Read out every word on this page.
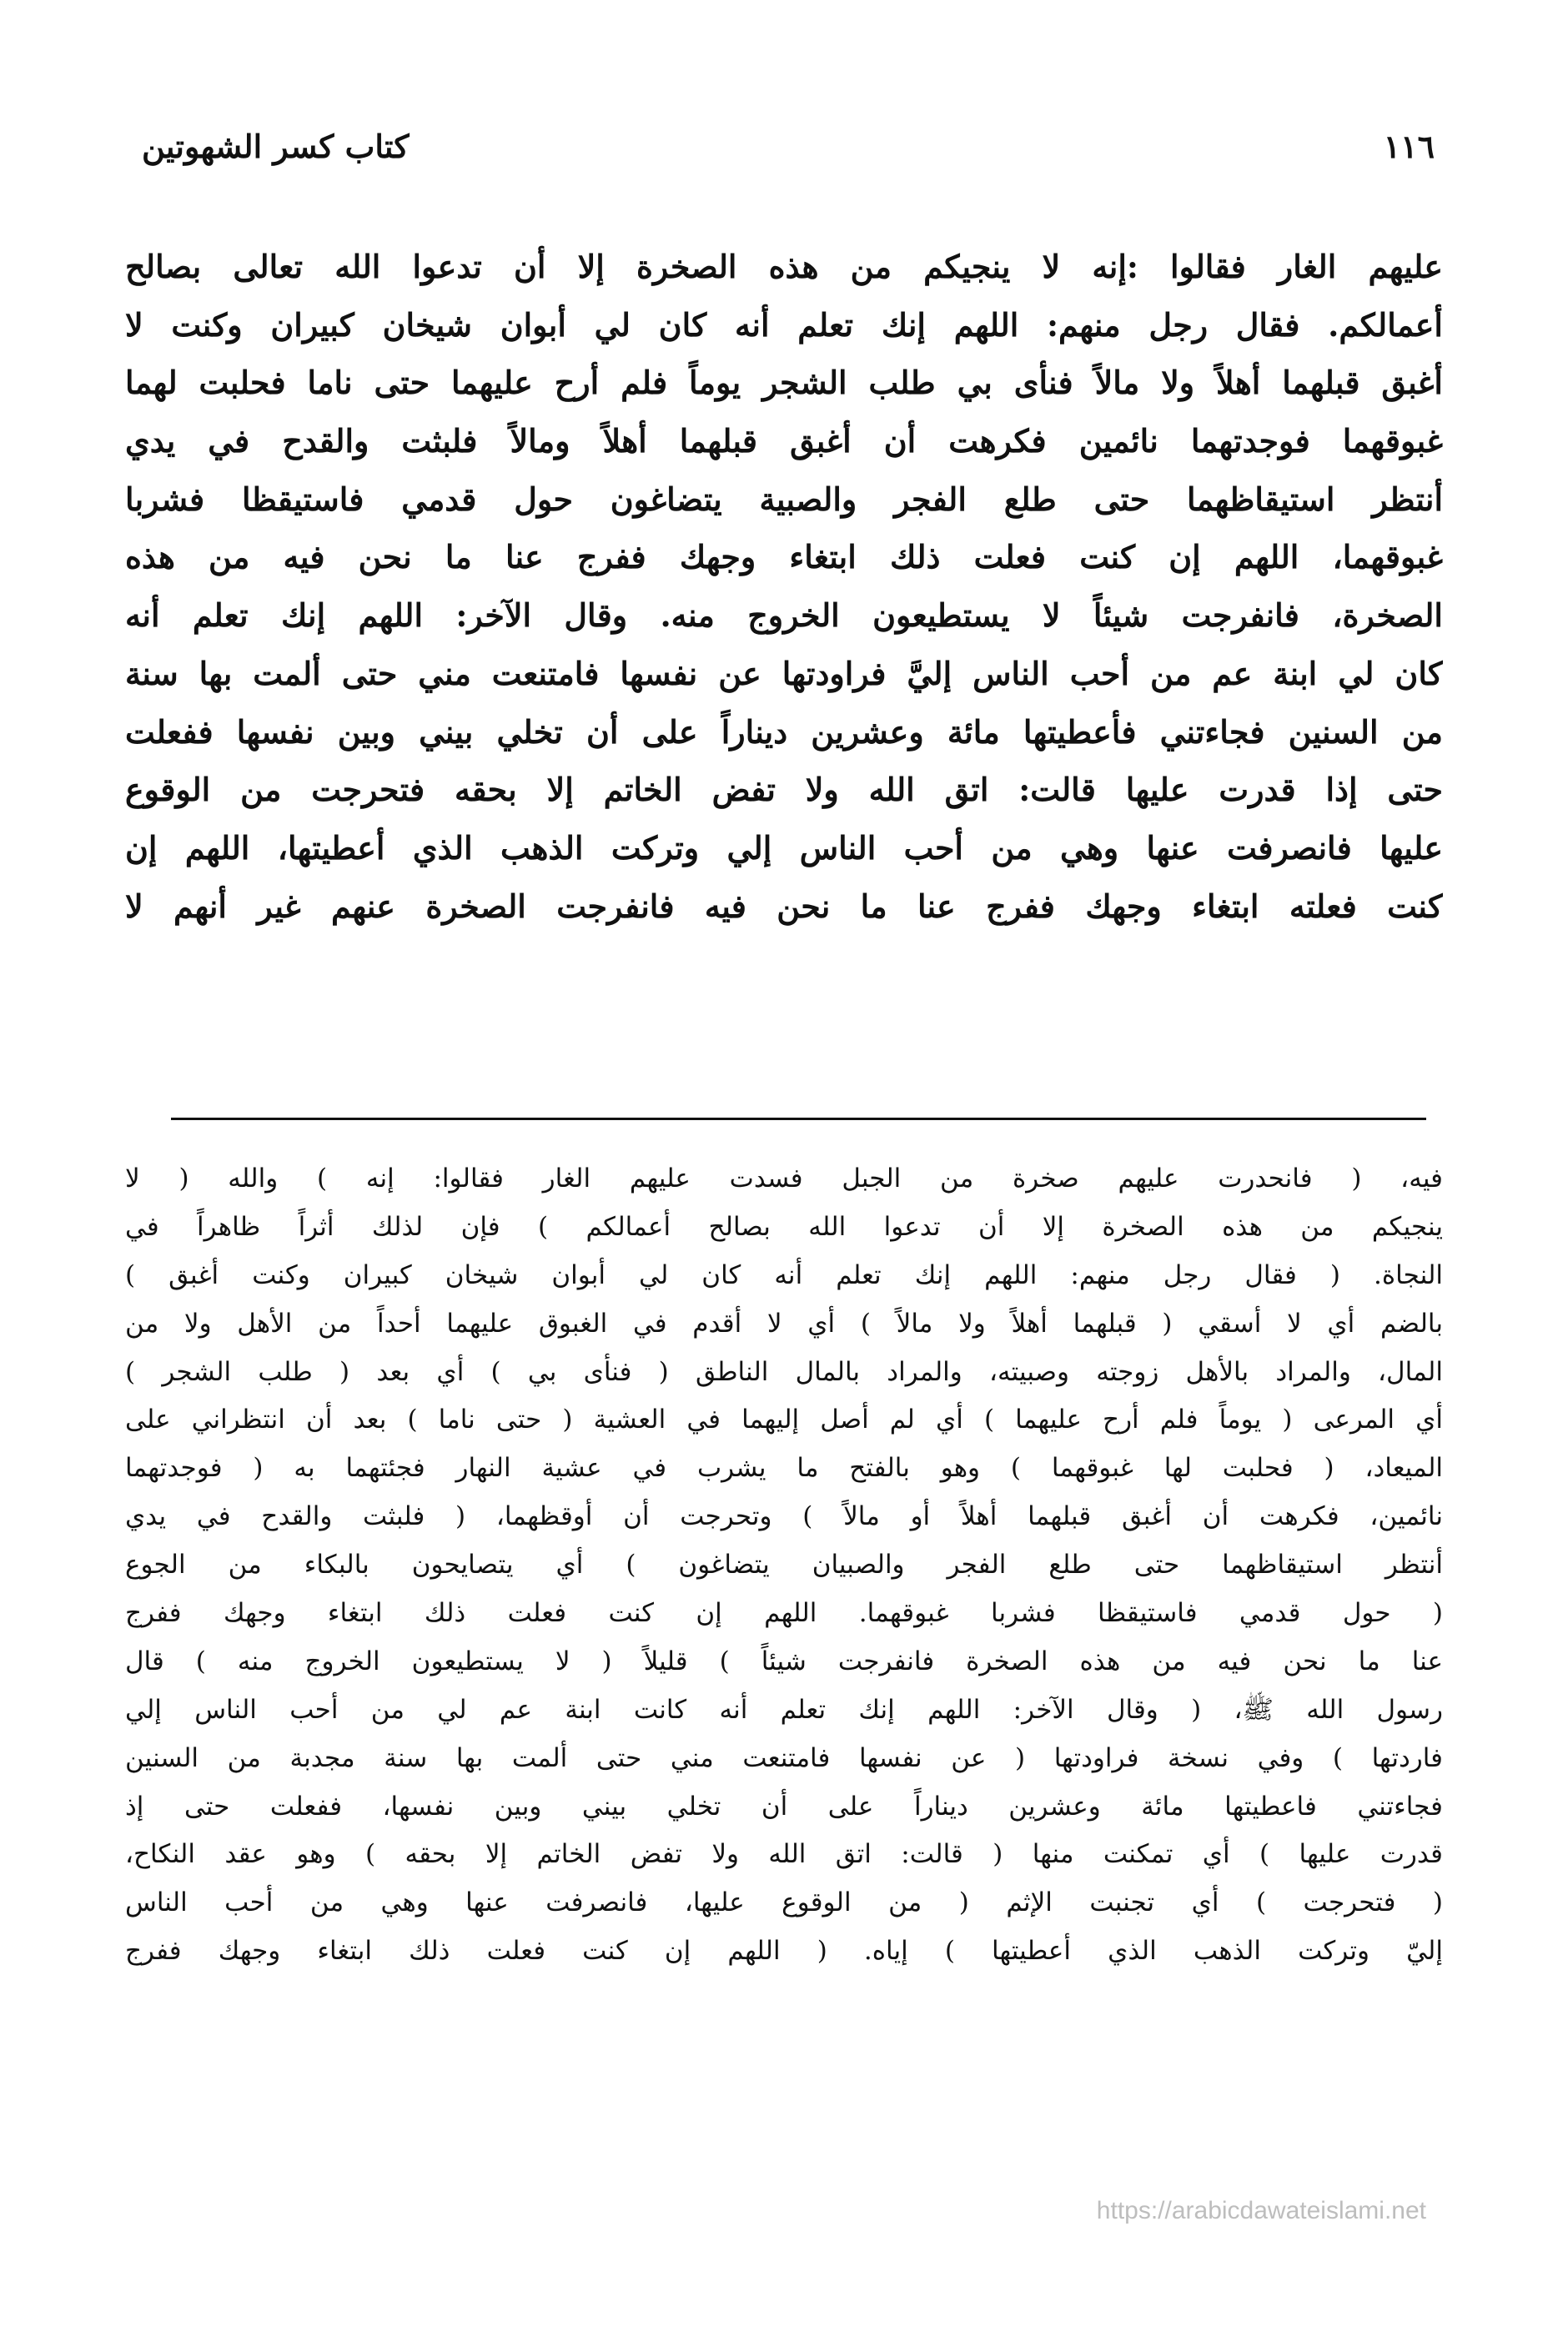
١١٦
كتاب كسر الشهوتين
عليهم الغار فقالوا :إنه لا ينجيكم من هذه الصخرة إلا أن تدعوا الله تعالى بصالح
أعمالكم. فقال رجل منهم: اللهم إنك تعلم أنه كان لي أبوان شيخان كبيران وكنت لا
أغبق قبلهما أهلاً ولا مالاً فنأى بي طلب الشجر يوماً فلم أرح عليهما حتى ناما فحلبت لهما
غبوقهما فوجدتهما نائمين فكرهت أن أغبق قبلهما أهلاً ومالاً فلبثت والقدح في يدي
أنتظر استيقاظهما حتى طلع الفجر والصبية يتضاغون حول قدمي فاستيقظا فشربا
غبوقهما، اللهم إن كنت فعلت ذلك ابتغاء وجهك ففرج عنا ما نحن فيه من هذه
الصخرة، فانفرجت شيئاً لا يستطيعون الخروج منه. وقال الآخر: اللهم إنك تعلم أنه
كان لي ابنة عم من أحب الناس إليَّ فراودتها عن نفسها فامتنعت مني حتى ألمت بها سنة
من السنين فجاءتني فأعطيتها مائة وعشرين ديناراً على أن تخلي بيني وبين نفسها ففعلت
حتى إذا قدرت عليها قالت: اتق الله ولا تفض الخاتم إلا بحقه فتحرجت من الوقوع
عليها فانصرفت عنها وهي من أحب الناس إلي وتركت الذهب الذي أعطيتها، اللهم إن
كنت فعلته ابتغاء وجهك ففرج عنا ما نحن فيه فانفرجت الصخرة عنهم غير أنهم لا
فيه، ( فانحدرت عليهم صخرة من الجبل فسدت عليهم الغار فقالوا: إنه ) والله ( لا
ينجيكم من هذه الصخرة إلا أن تدعوا الله بصالح أعمالكم ) فإن لذلك أثراً ظاهراً في
النجاة. ( فقال رجل منهم: اللهم إنك تعلم أنه كان لي أبوان شيخان كبيران وكنت أغبق )
بالضم أي لا أسقي ( قبلهما أهلاً ولا مالاً ) أي لا أقدم في الغبوق عليهما أحداً من الأهل ولا من
المال، والمراد بالأهل زوجته وصبيته، والمراد بالمال الناطق ( فنأى بي ) أي بعد ( طلب الشجر )
أي المرعى ( يوماً فلم أرح عليهما ) أي لم أصل إليهما في العشية ( حتى ناما ) بعد أن انتظراني على
الميعاد، ( فحلبت لها غبوقهما ) وهو بالفتح ما يشرب في عشية النهار فجئتهما به ( فوجدتهما
نائمين، فكرهت أن أغبق قبلهما أهلاً أو مالاً ) وتحرجت أن أوقظهما، ( فلبثت والقدح في يدي
أنتظر استيقاظهما حتى طلع الفجر والصبيان يتضاغون ) أي يتصايحون بالبكاء من الجوع
( حول قدمي فاستيقظا فشربا غبوقهما. اللهم إن كنت فعلت ذلك ابتغاء وجهك ففرج
عنا ما نحن فيه من هذه الصخرة فانفرجت شيئاً ) قليلاً ( لا يستطيعون الخروج منه ) قال
رسول الله ﷺ، ( وقال الآخر: اللهم إنك تعلم أنه كانت ابنة عم لي من أحب الناس إلي
فاردتها ) وفي نسخة فراودتها ( عن نفسها فامتنعت مني حتى ألمت بها سنة مجدبة من السنين
فجاءتني فاعطيتها مائة وعشرين ديناراً على أن تخلي بيني وبين نفسها، ففعلت حتى إذ
قدرت عليها ) أي تمكنت منها ( قالت: اتق الله ولا تفض الخاتم إلا بحقه ) وهو عقد النكاح،
( فتحرجت ) أي تجنبت الإثم ( من الوقوع عليها، فانصرفت عنها وهي من أحب الناس
إليّ وتركت الذهب الذي أعطيتها ) إياه. ( اللهم إن كنت فعلت ذلك ابتغاء وجهك ففرج
https://arabicdawateislami.net
